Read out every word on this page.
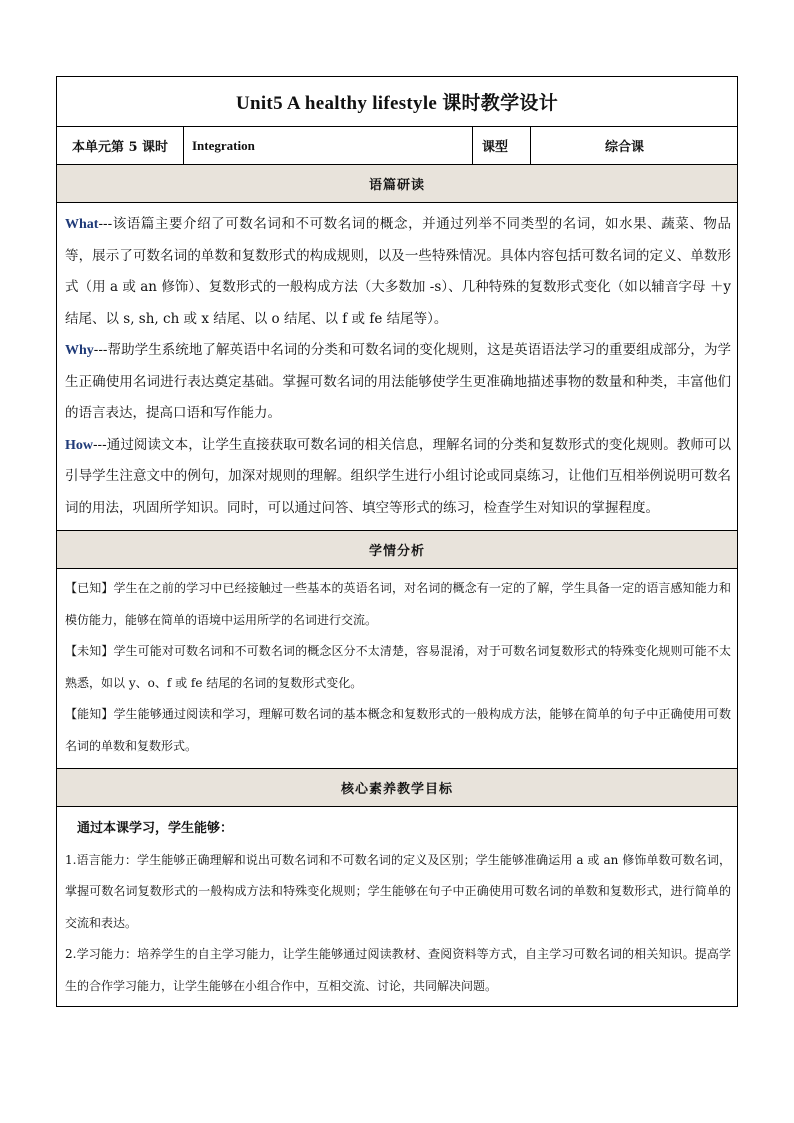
Unit5 A healthy lifestyle 课时教学设计
本单元第 5 课时	Integration	课型	综合课
语篇研读
What---该语篇主要介绍了可数名词和不可数名词的概念，并通过列举不同类型的名词，如水果、蔬菜、物品等，展示了可数名词的单数和复数形式的构成规则，以及一些特殊情况。具体内容包括可数名词的定义、单数形式（用 a 或 an 修饰）、复数形式的一般构成方法（大多数加 -s）、几种特殊的复数形式变化（如以辅音字母 ＋y 结尾、以 s, sh, ch 或 x 结尾、以 o 结尾、以 f 或 fe 结尾等）。
Why---帮助学生系统地了解英语中名词的分类和可数名词的变化规则，这是英语语法学习的重要组成部分，为学生正确使用名词进行表达奠定基础。掌握可数名词的用法能够使学生更准确地描述事物的数量和种类，丰富他们的语言表达，提高口语和写作能力。
How---通过阅读文本，让学生直接获取可数名词的相关信息，理解名词的分类和复数形式的变化规则。教师可以引导学生注意文中的例句，加深对规则的理解。组织学生进行小组讨论或同桌练习，让他们互相举例说明可数名词的用法，巩固所学知识。同时，可以通过问答、填空等形式的练习，检查学生对知识的掌握程度。
学情分析
【已知】学生在之前的学习中已经接触过一些基本的英语名词，对名词的概念有一定的了解，学生具备一定的语言感知能力和模仿能力，能够在简单的语境中运用所学的名词进行交流。
【未知】学生可能对可数名词和不可数名词的概念区分不太清楚，容易混淆，对于可数名词复数形式的特殊变化规则可能不太熟悉，如以 y、o、f 或 fe 结尾的名词的复数形式变化。
【能知】学生能够通过阅读和学习，理解可数名词的基本概念和复数形式的一般构成方法，能够在简单的句子中正确使用可数名词的单数和复数形式。
核心素养教学目标
通过本课学习，学生能够：
1.语言能力：学生能够正确理解和说出可数名词和不可数名词的定义及区别；学生能够准确运用 a 或 an 修饰单数可数名词，掌握可数名词复数形式的一般构成方法和特殊变化规则；学生能够在句子中正确使用可数名词的单数和复数形式，进行简单的交流和表达。
2.学习能力：培养学生的自主学习能力，让学生能够通过阅读教材、查阅资料等方式，自主学习可数名词的相关知识。提高学生的合作学习能力，让学生能够在小组合作中，互相交流、讨论，共同解决问题。
